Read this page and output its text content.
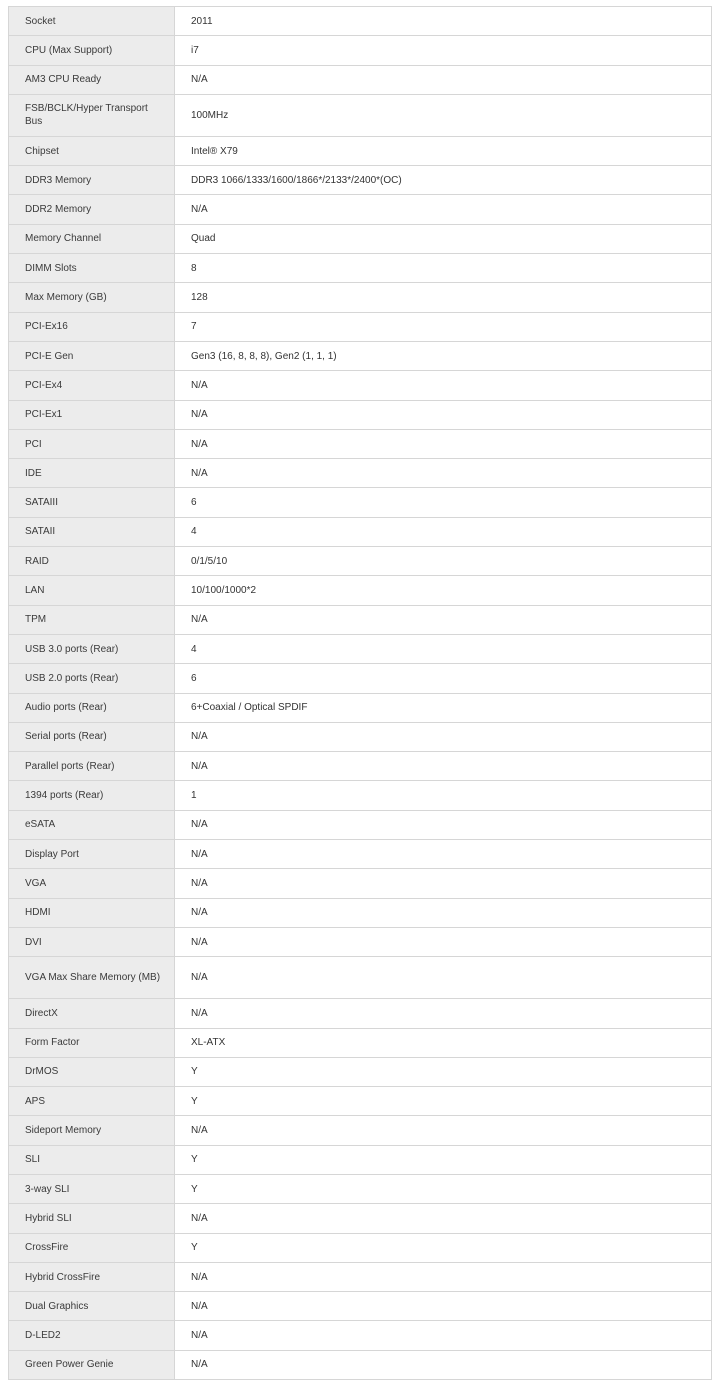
Socket	2011
CPU (Max Support)	i7
AM3 CPU Ready	N/A
FSB/BCLK/Hyper Transport Bus	100MHz
Chipset	Intel® X79
DDR3 Memory	DDR3 1066/1333/1600/1866*/2133*/2400*(OC)
DDR2 Memory	N/A
Memory Channel	Quad
DIMM Slots	8
Max Memory (GB)	128
PCI-Ex16	7
PCI-E Gen	Gen3 (16, 8, 8, 8), Gen2 (1, 1, 1)
PCI-Ex4	N/A
PCI-Ex1	N/A
PCI	N/A
IDE	N/A
SATAIII	6
SATAII	4
RAID	0/1/5/10
LAN	10/100/1000*2
TPM	N/A
USB 3.0 ports (Rear)	4
USB 2.0 ports (Rear)	6
Audio ports (Rear)	6+Coaxial / Optical SPDIF
Serial ports (Rear)	N/A
Parallel ports (Rear)	N/A
1394 ports (Rear)	1
eSATA	N/A
Display Port	N/A
VGA	N/A
HDMI	N/A
DVI	N/A
VGA Max Share Memory (MB)	N/A
DirectX	N/A
Form Factor	XL-ATX
DrMOS	Y
APS	Y
Sideport Memory	N/A
SLI	Y
3-way SLI	Y
Hybrid SLI	N/A
CrossFire	Y
Hybrid CrossFire	N/A
Dual Graphics	N/A
D-LED2	N/A
Green Power Genie	N/A
